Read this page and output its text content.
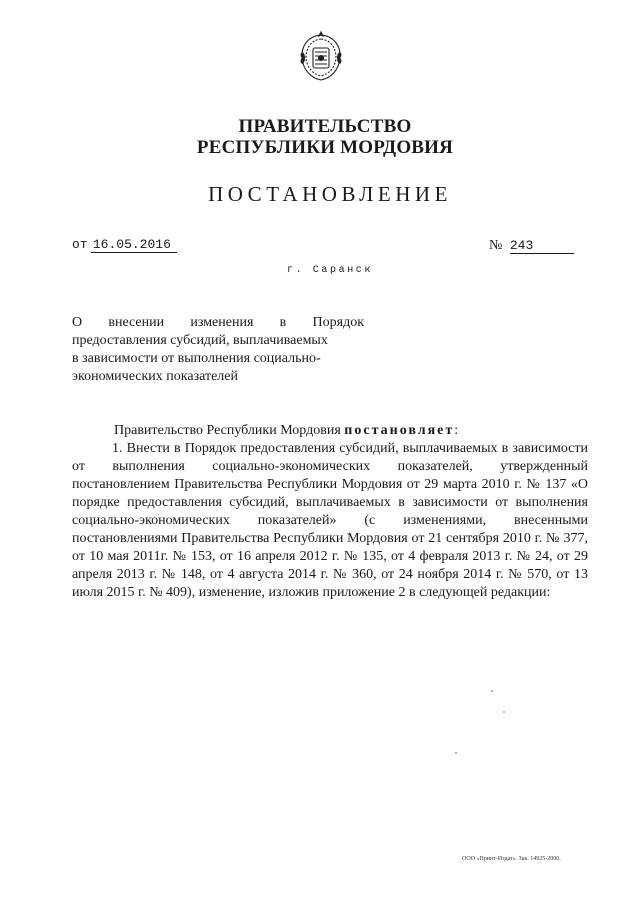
ПРАВИТЕЛЬСТВО
РЕСПУБЛИКИ МОРДОВИЯ
ПОСТАНОВЛЕНИЕ
от 16.05.2016	№ 243
г. Саранск

О внесении изменения в Порядок

предоставления субсидий, выплачиваемых

в зависимости от выполнения социально-

экономических показателей

Правительство Республики Мордовия постановляет:

1. Внести в Порядок предоставления субсидий, выплачиваемых в зависимости от выполнения социально-экономических показателей, утвержденный постановлением Правительства Республики Мордовия от 29 марта 2010 г. № 137 «О порядке предоставления субсидий, выплачиваемых в зависимости от выполнения социально-экономических показателей» (с изменениями, внесенными постановлениями Правительства Республики Мордовия от 21 сентября 2010 г. № 377, от 10 мая 2011г. № 153, от 16 апреля 2012 г. № 135, от 4 февраля 2013 г. № 24, от 29 апреля 2013 г. № 148, от 4 августа 2014 г. № 360, от 24 ноября 2014 г. № 570, от 13 июля 2015 г. № 409), изменение, изложив приложение 2 в следующей редакции:

ООО «Принт-Издат». Зак. 14925-2000.
